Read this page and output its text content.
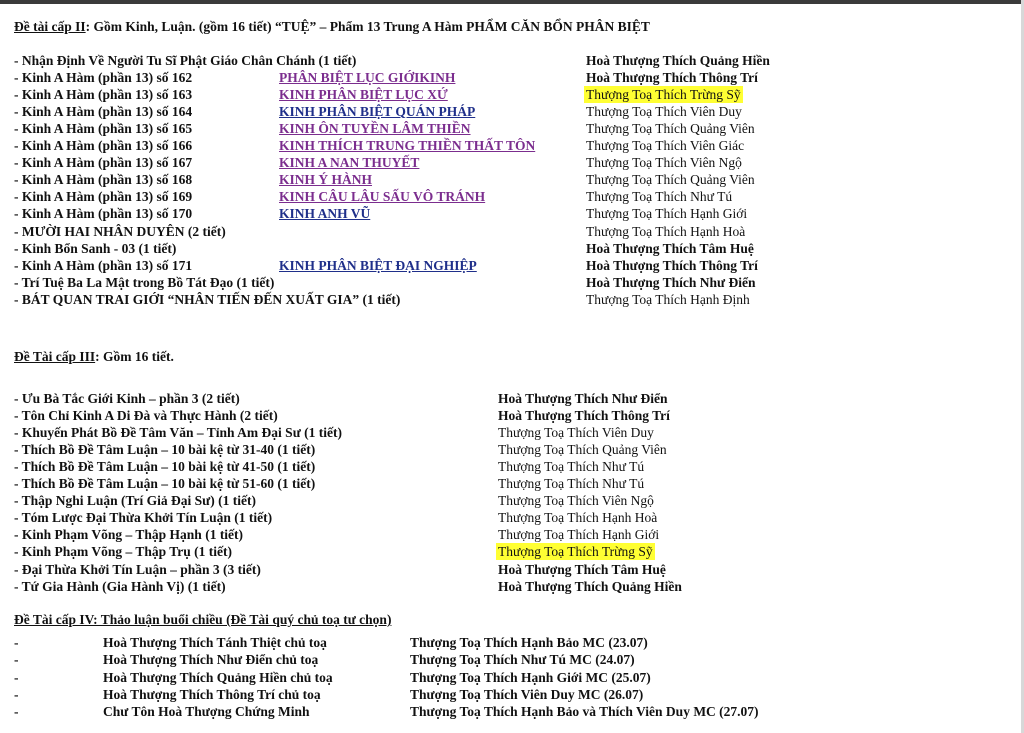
Đề tài cấp II: Gồm Kinh, Luận. (gồm 16 tiết) “TUỆ” – Phẩm 13 Trung A Hàm PHẨM CĂN BỔN PHÂN BIỆT
- Nhận Định Về Người Tu Sĩ Phật Giáo Chân Chánh (1 tiết)	Hoà Thượng Thích Quảng Hiền
- Kinh A Hàm (phần 13) số 162	PHÂN BIỆT LỤC GIỚIKINH	Hoà Thượng Thích Thông Trí
- Kinh A Hàm (phần 13) số 163	KINH PHÂN BIỆT LỤC XỨ	Thượng Toạ Thích Trừng Sỹ
- Kinh A Hàm (phần 13) số 164	KINH PHÂN BIỆT QUÁN PHÁP	Thượng Toạ Thích Viên Duy
- Kinh A Hàm (phần 13) số 165	KINH ÔN TUYỀN LÂM THIỀN	Thượng Toạ Thích Quảng Viên
- Kinh A Hàm (phần 13) số 166	KINH THÍCH TRUNG THIỀN THẤT TÔN	Thượng Toạ Thích Viên Giác
- Kinh A Hàm (phần 13) số 167	KINH A NAN THUYẾT	Thượng Toạ Thích Viên Ngộ
- Kinh A Hàm (phần 13) số 168	KINH Ý HÀNH	Thượng Toạ Thích Quảng Viên
- Kinh A Hàm (phần 13) số 169	KINH CÂU LÂU SẤU VÔ TRÁNH	Thượng Toạ Thích Như Tú
- Kinh A Hàm (phần 13) số 170	KINH ANH VŨ	Thượng Toạ Thích Hạnh Giới
- MƯỜI HAI NHÂN DUYÊN (2 tiết)	Thượng Toạ Thích Hạnh Hoà
- Kinh Bổn Sanh - 03 (1 tiết)	Hoà Thượng Thích Tâm Huệ
- Kinh A Hàm (phần 13) số 171	KINH PHÂN BIỆT ĐẠI NGHIỆP	Hoà Thượng Thích Thông Trí
- Trí Tuệ Ba La Mật trong Bồ Tát Đạo (1 tiết)	Hoà Thượng Thích Như Điển
- BÁT QUAN TRAI GIỚI “NHÂN TIẾN ĐẾN XUẤT GIA” (1 tiết)	Thượng Toạ Thích Hạnh Định
Đề Tài cấp III: Gồm 16 tiết.
- Ưu Bà Tắc Giới Kinh – phần 3 (2 tiết)	Hoà Thượng Thích Như Điển
- Tôn Chỉ Kinh A Di Đà và Thực Hành (2 tiết)	Hoà Thượng Thích Thông Trí
- Khuyến Phát Bồ Đề Tâm Văn – Tỉnh Am Đại Sư (1 tiết)	Thượng Toạ Thích Viên Duy
- Thích Bồ Đề Tâm Luận – 10 bài kệ từ 31-40 (1 tiết)	Thượng Toạ Thích Quảng Viên
- Thích Bồ Đề Tâm Luận – 10 bài kệ từ 41-50 (1 tiết)	Thượng Toạ Thích Như Tú
- Thích Bồ Đề Tâm Luận – 10 bài kệ từ 51-60 (1 tiết)	Thượng Toạ Thích Như Tú
- Thập Nghi Luận (Trí Giả Đại Sư) (1 tiết)	Thượng Toạ Thích Viên Ngộ
- Tóm Lược Đại Thừa Khởi Tín Luận (1 tiết)	Thượng Toạ Thích Hạnh Hoà
- Kinh Phạm Võng – Thập Hạnh (1 tiết)	Thượng Toạ Thích Hạnh Giới
- Kinh Phạm Võng – Thập Trụ (1 tiết)	Thượng Toạ Thích Trừng Sỹ
- Đại Thừa Khởi Tín Luận – phần 3 (3 tiết)	Hoà Thượng Thích Tâm Huệ
- Tứ Gia Hành (Gia Hành Vị) (1 tiết)	Hoà Thượng Thích Quảng Hiền
Đề Tài cấp IV: Thảo luận buổi chiều (Đề Tài quý chủ toạ tư chọn)
-	Hoà Thượng Thích Tánh Thiệt chủ toạ	Thượng Toạ Thích Hạnh Bảo MC (23.07)
-	Hoà Thượng Thích Như Điển chủ toạ	Thượng Toạ Thích Như Tú MC (24.07)
-	Hoà Thượng Thích Quảng Hiền chủ toạ	Thượng Toạ Thích Hạnh Giới MC (25.07)
-	Hoà Thượng Thích Thông Trí chủ toạ	Thượng Toạ Thích Viên Duy MC (26.07)
-	Chư Tôn Hoà Thượng Chứng Minh	Thượng Toạ Thích Hạnh Bảo và Thích Viên Duy MC (27.07)
